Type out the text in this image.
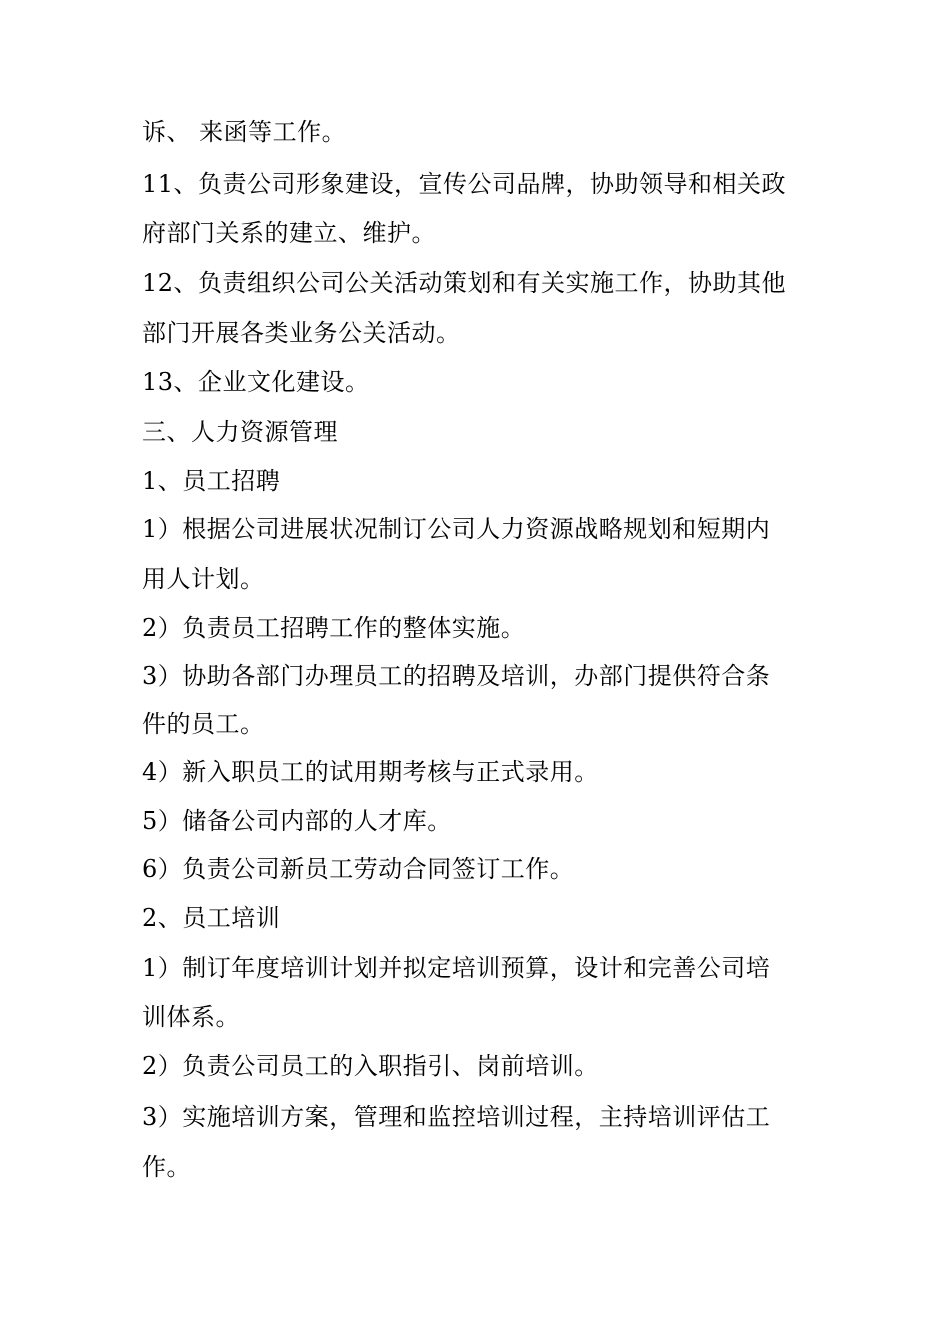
诉、 来函等工作。
11、负责公司形象建设，宣传公司品牌，协助领导和相关政
府部门关系的建立、维护。
12、负责组织公司公关活动策划和有关实施工作，协助其他
部门开展各类业务公关活动。
13、企业文化建设。
三、人力资源管理
1、员工招聘
1）根据公司进展状况制订公司人力资源战略规划和短期内
用人计划。
2）负责员工招聘工作的整体实施。
3）协助各部门办理员工的招聘及培训，办部门提供符合条
件的员工。
4）新入职员工的试用期考核与正式录用。
5）储备公司内部的人才库。
6）负责公司新员工劳动合同签订工作。
2、员工培训
1）制订年度培训计划并拟定培训预算，设计和完善公司培
训体系。
2）负责公司员工的入职指引、岗前培训。
3）实施培训方案，管理和监控培训过程，主持培训评估工
作。
